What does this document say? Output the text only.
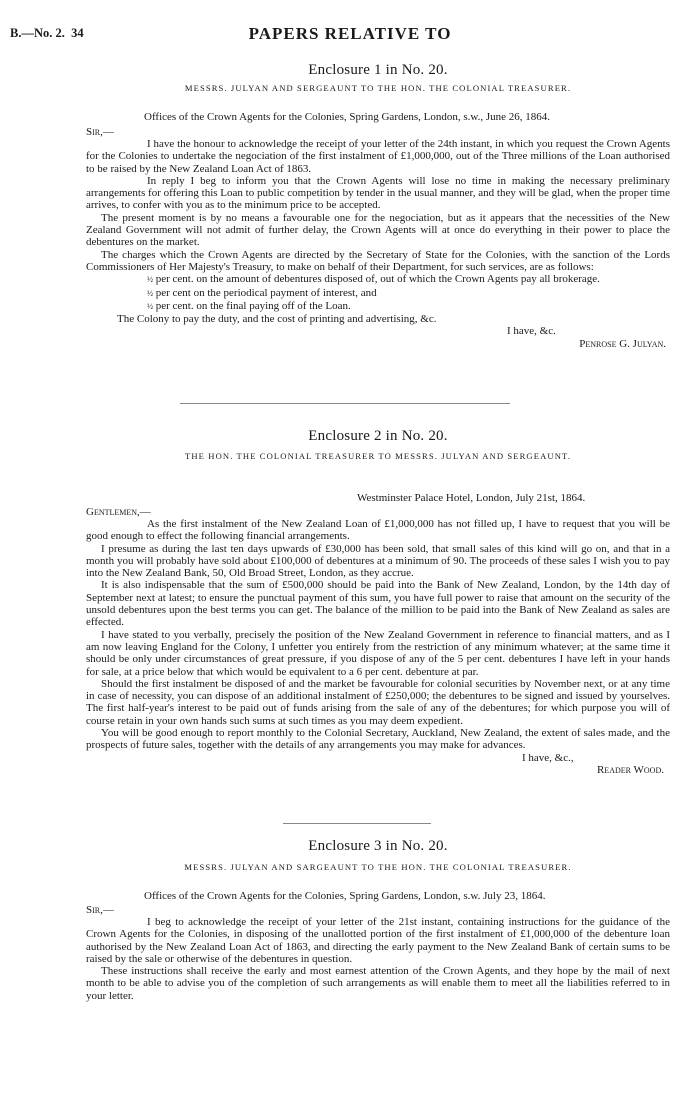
B.—No. 2. 34	PAPERS RELATIVE TO
Enclosure 1 in No. 20.
MESSRS. JULYAN AND SERGEAUNT TO THE HON. THE COLONIAL TREASURER.
Offices of the Crown Agents for the Colonies, Spring Gardens, London, s.w., June 26, 1864.
Sir,—

I have the honour to acknowledge the receipt of your letter of the 24th instant, in which you request the Crown Agents for the Colonies to undertake the negociation of the first instalment of £1,000,000, out of the Three millions of the Loan authorised to be raised by the New Zealand Loan Act of 1863.

In reply I beg to inform you that the Crown Agents will lose no time in making the necessary preliminary arrangements for offering this Loan to public competition by tender in the usual manner, and they will be glad, when the proper time arrives, to confer with you as to the minimum price to be accepted.

The present moment is by no means a favourable one for the negociation, but as it appears that the necessities of the New Zealand Government will not admit of further delay, the Crown Agents will at once do everything in their power to place the debentures on the market.

The charges which the Crown Agents are directed by the Secretary of State for the Colonies, with the sanction of the Lords Commissioners of Her Majesty's Treasury, to make on behalf of their Department, for such services, are as follows:

½ per cent. on the amount of debentures disposed of, out of which the Crown Agents pay all brokerage.

½ per cent on the periodical payment of interest, and

½ per cent. on the final paying off of the Loan.

The Colony to pay the duty, and the cost of printing and advertising, &c.

I have, &c.
Penrose G. Julyan.
Enclosure 2 in No. 20.
THE HON. THE COLONIAL TREASURER TO MESSRS. JULYAN AND SERGEAUNT.
Westminster Palace Hotel, London, July 21st, 1864.
Gentlemen,—

As the first instalment of the New Zealand Loan of £1,000,000 has not filled up, I have to request that you will be good enough to effect the following financial arrangements.

I presume as during the last ten days upwards of £30,000 has been sold, that small sales of this kind will go on, and that in a month you will probably have sold about £100,000 of debentures at a minimum of 90. The proceeds of these sales I wish you to pay into the New Zealand Bank, 50, Old Broad Street, London, as they accrue.

It is also indispensable that the sum of £500,000 should be paid into the Bank of New Zealand, London, by the 14th day of September next at latest; to ensure the punctual payment of this sum, you have full power to raise that amount on the security of the unsold debentures upon the best terms you can get. The balance of the million to be paid into the Bank of New Zealand as sales are effected.

I have stated to you verbally, precisely the position of the New Zealand Government in reference to financial matters, and as I am now leaving England for the Colony, I unfetter you entirely from the restriction of any minimum whatever; at the same time it should be only under circumstances of great pressure, if you dispose of any of the 5 per cent. debentures I have left in your hands for sale, at a price below that which would be equivalent to a 6 per cent. debenture at par.

Should the first instalment be disposed of and the market be favourable for colonial securities by November next, or at any time in case of necessity, you can dispose of an additional instalment of £250,000; the debentures to be signed and issued by yourselves. The first half-year's interest to be paid out of funds arising from the sale of any of the debentures; for which purpose you will of course retain in your own hands such sums at such times as you may deem expedient.

You will be good enough to report monthly to the Colonial Secretary, Auckland, New Zealand, the extent of sales made, and the prospects of future sales, together with the details of any arrangements you may make for advances.

I have, &c.,
Reader Wood.
Enclosure 3 in No. 20.
MESSRS. JULYAN AND SARGEAUNT TO THE HON. THE COLONIAL TREASURER.
Offices of the Crown Agents for the Colonies, Spring Gardens, London, s.w. July 23, 1864.
Sir,—

I beg to acknowledge the receipt of your letter of the 21st instant, containing instructions for the guidance of the Crown Agents for the Colonies, in disposing of the unallotted portion of the first instalment of £1,000,000 of the debenture loan authorised by the New Zealand Loan Act of 1863, and directing the early payment to the New Zealand Bank of certain sums to be raised by the sale or otherwise of the debentures in question.

These instructions shall receive the early and most earnest attention of the Crown Agents, and they hope by the mail of next month to be able to advise you of the completion of such arrangements as will enable them to meet all the liabilities referred to in your letter.
